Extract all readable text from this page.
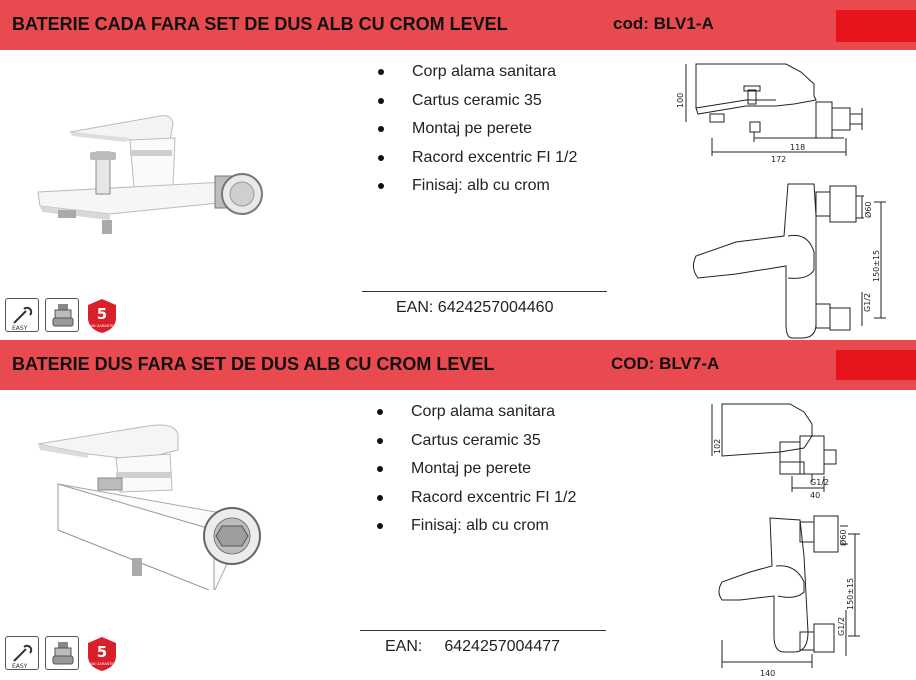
BATERIE CADA FARA SET DE DUS ALB CU CROM LEVEL	cod: BLV1-A
Corp alama sanitara
Cartus ceramic 35
Montaj pe perete
Racord excentric FI 1/2
Finisaj: alb cu crom
EAN: 6424257004460
EASY
5
ANI GARANTIE
100
118
172
Ø60
150±15
G1/2
BATERIE DUS FARA SET DE DUS ALB CU CROM LEVEL	COD: BLV7-A
Corp alama sanitara
Cartus ceramic 35
Montaj pe perete
Racord excentric FI 1/2
Finisaj: alb cu crom
EAN: 6424257004477
EASY
5
ANI GARANTIE
102
G1/2
40
Ø60
150±15
G1/2
140
